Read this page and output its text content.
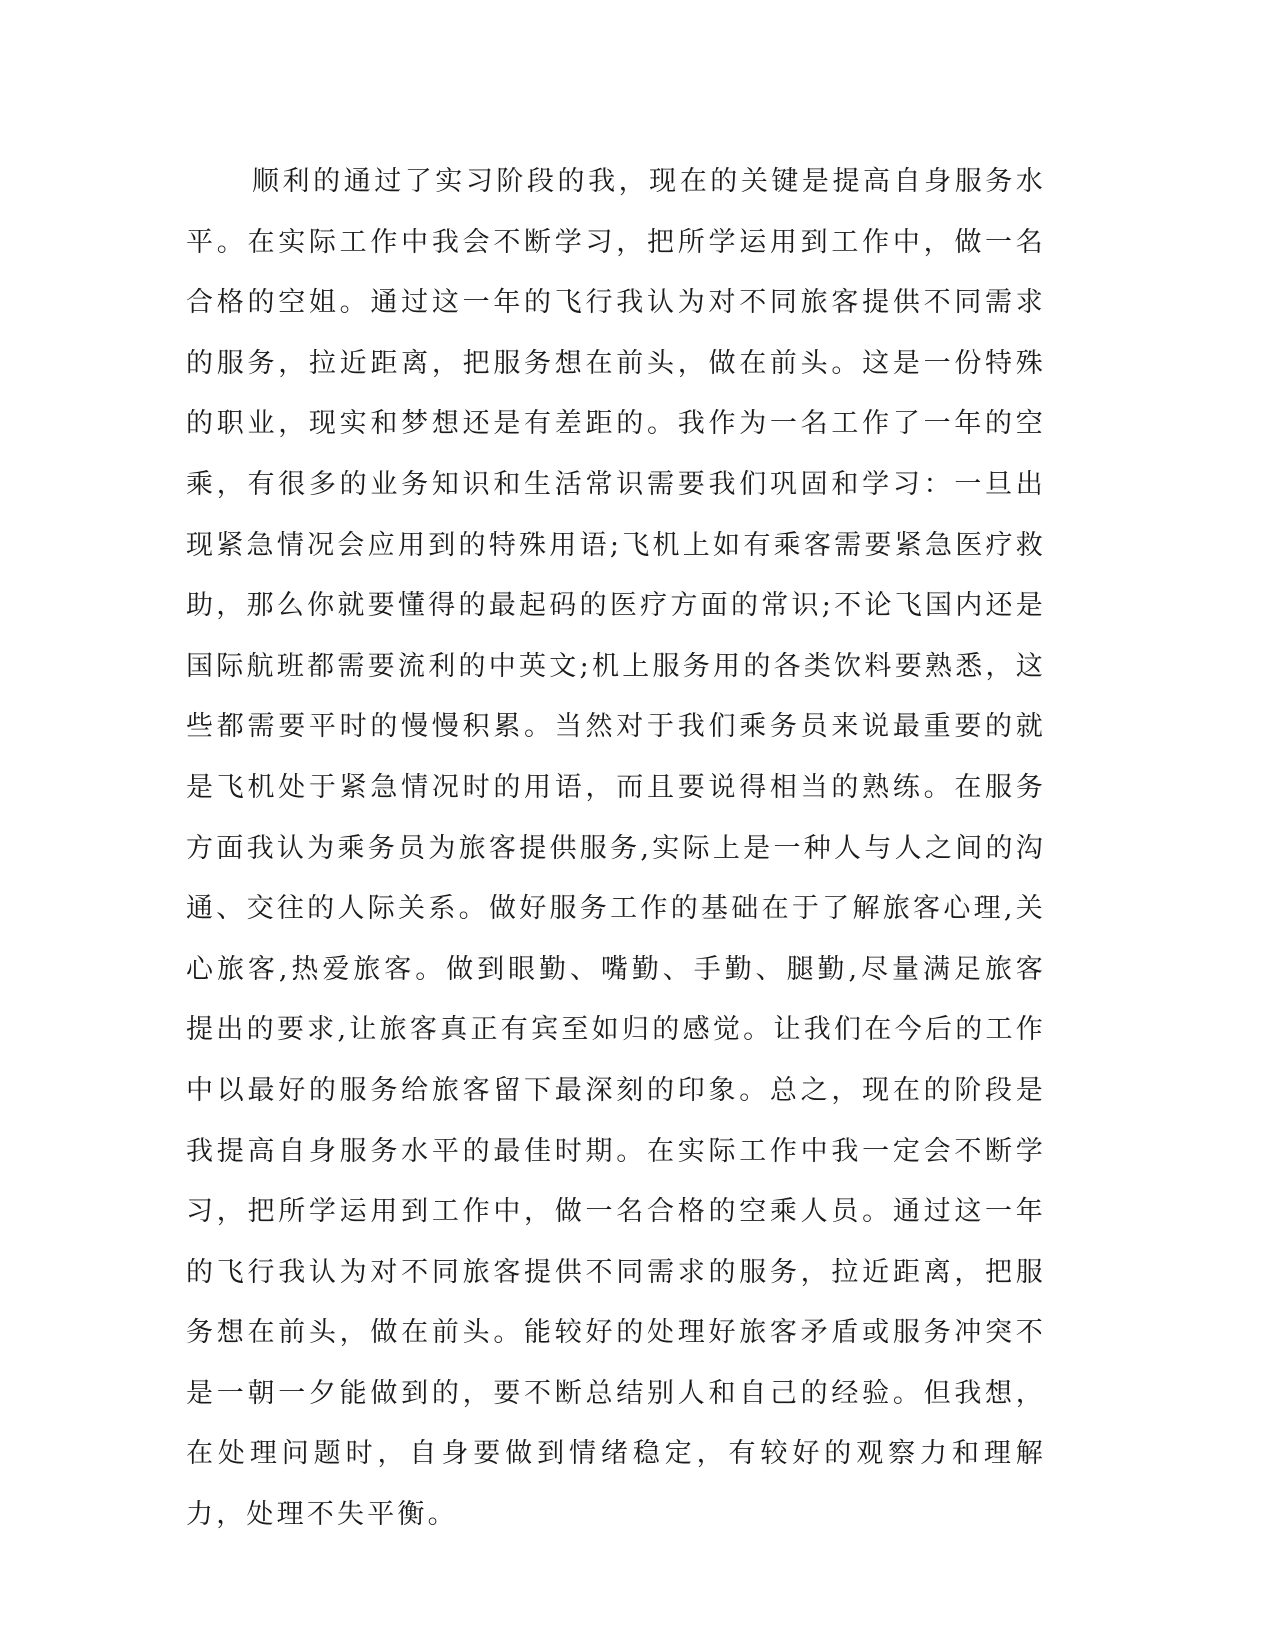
顺利的通过了实习阶段的我，现在的关键是提高自身服务水平。在实际工作中我会不断学习，把所学运用到工作中，做一名合格的空姐。通过这一年的飞行我认为对不同旅客提供不同需求的服务，拉近距离，把服务想在前头，做在前头。这是一份特殊的职业，现实和梦想还是有差距的。我作为一名工作了一年的空乘，有很多的业务知识和生活常识需要我们巩固和学习：一旦出现紧急情况会应用到的特殊用语;飞机上如有乘客需要紧急医疗救助，那么你就要懂得的最起码的医疗方面的常识;不论飞国内还是国际航班都需要流利的中英文;机上服务用的各类饮料要熟悉，这些都需要平时的慢慢积累。当然对于我们乘务员来说最重要的就是飞机处于紧急情况时的用语，而且要说得相当的熟练。在服务方面我认为乘务员为旅客提供服务,实际上是一种人与人之间的沟通、交往的人际关系。做好服务工作的基础在于了解旅客心理,关心旅客,热爱旅客。做到眼勤、嘴勤、手勤、腿勤,尽量满足旅客提出的要求,让旅客真正有宾至如归的感觉。让我们在今后的工作中以最好的服务给旅客留下最深刻的印象。总之，现在的阶段是我提高自身服务水平的最佳时期。在实际工作中我一定会不断学习，把所学运用到工作中，做一名合格的空乘人员。通过这一年的飞行我认为对不同旅客提供不同需求的服务，拉近距离，把服务想在前头，做在前头。能较好的处理好旅客矛盾或服务冲突不是一朝一夕能做到的，要不断总结别人和自己的经验。但我想，在处理问题时，自身要做到情绪稳定，有较好的观察力和理解力，处理不失平衡。
